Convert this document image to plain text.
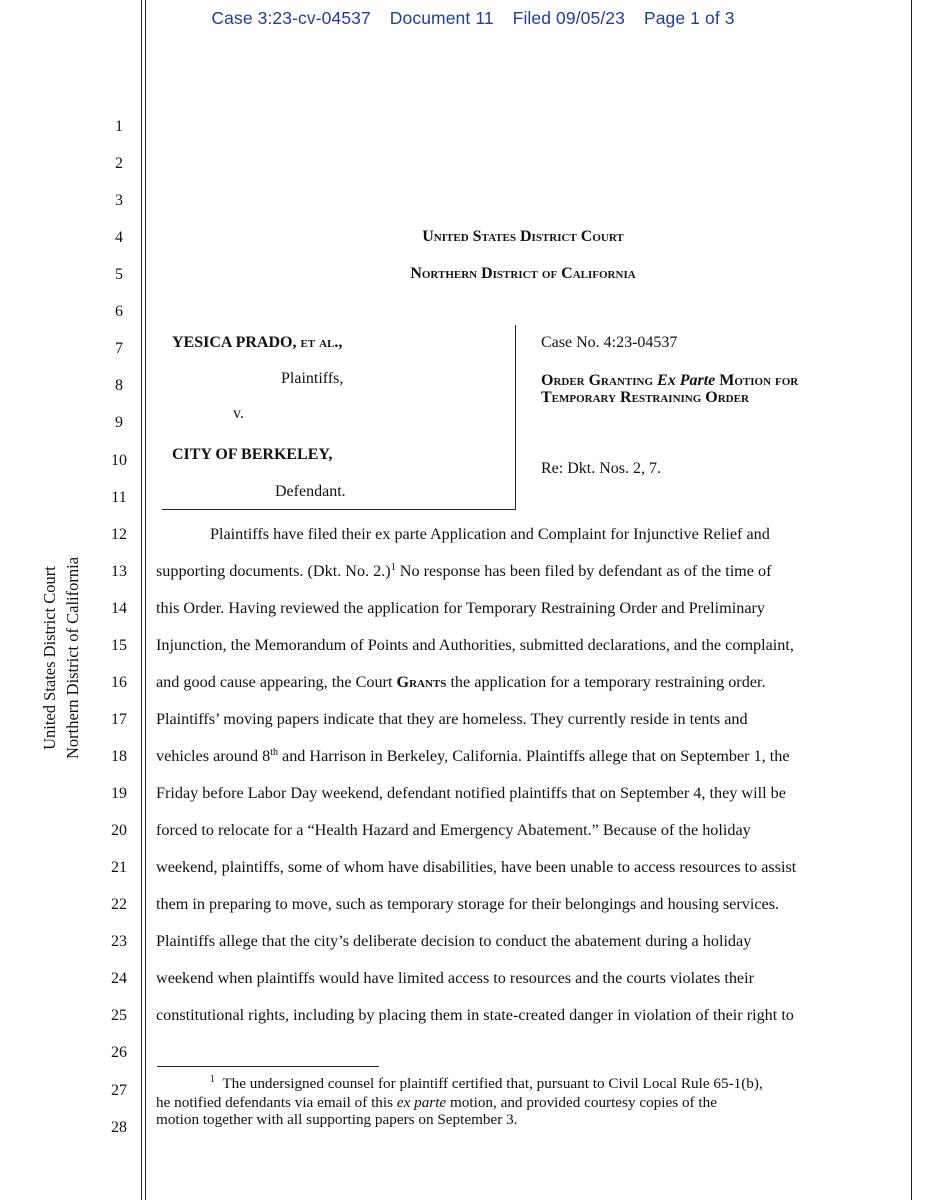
Case 3:23-cv-04537 Document 11 Filed 09/05/23 Page 1 of 3
United States District Court Northern District of California
1
2
3
4
5
6
7
8
9
10
11
12
13
14
15
16
17
18
19
20
21
22
23
24
25
26
27
28
United States District Court
Northern District of California
YESICA PRADO, et al.,
Plaintiffs,
v.
CITY OF BERKELEY,
Defendant.
Case No. 4:23-04537
Order Granting Ex Parte Motion for
Temporary Restraining Order
Re: Dkt. Nos. 2, 7.
Plaintiffs have filed their ex parte Application and Complaint for Injunctive Relief and
supporting documents. (Dkt. No. 2.)$^1$ No response has been filed by defendant as of the time of
this Order. Having reviewed the application for Temporary Restraining Order and Preliminary
Injunction, the Memorandum of Points and Authorities, submitted declarations, and the complaint,
and good cause appearing, the Court Grants the application for a temporary restraining order.
Plaintiffs’ moving papers indicate that they are homeless. They currently reside in tents and
vehicles around 8th and Harrison in Berkeley, California. Plaintiffs allege that on September 1, the
Friday before Labor Day weekend, defendant notified plaintiffs that on September 4, they will be
forced to relocate for a “Health Hazard and Emergency Abatement.” Because of the holiday
weekend, plaintiffs, some of whom have disabilities, have been unable to access resources to assist
them in preparing to move, such as temporary storage for their belongings and housing services.
Plaintiffs allege that the city’s deliberate decision to conduct the abatement during a holiday
weekend when plaintiffs would have limited access to resources and the courts violates their
constitutional rights, including by placing them in state-created danger in violation of their right to
$^1$ The undersigned counsel for plaintiff certified that, pursuant to Civil Local Rule 65-1(b),
he notified defendants via email of this ex parte motion, and provided courtesy copies of the
motion together with all supporting papers on September 3.
